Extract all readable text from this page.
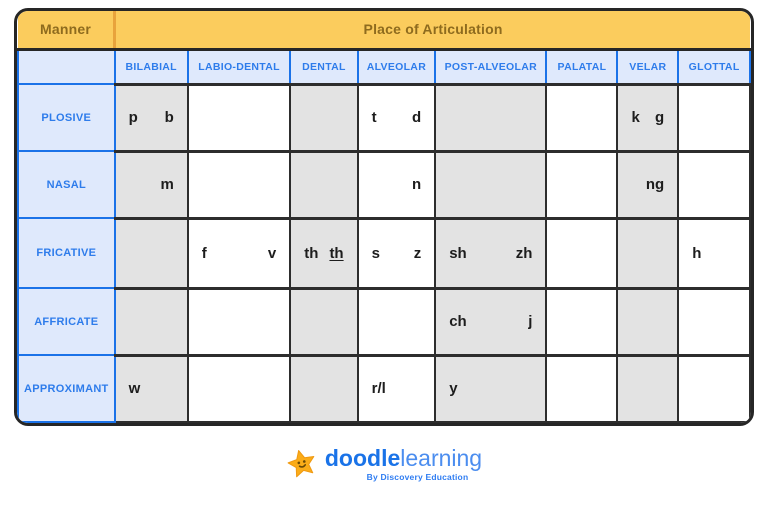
Manner	Place of Articulation							
	BILABIAL	LABIO-DENTAL	DENTAL	ALVEOLAR	POST-ALVEOLAR	PALATAL	VELAR	GLOTTAL
PLOSIVE	p b			t d			k g	

NASAL	m			n			ng	

FRICATIVE		f v	th th	s z	sh zh			h

AFFRICATE					ch j			

APPROXIMANT	w			r/l	y			

doodle learning
By Discovery Education
